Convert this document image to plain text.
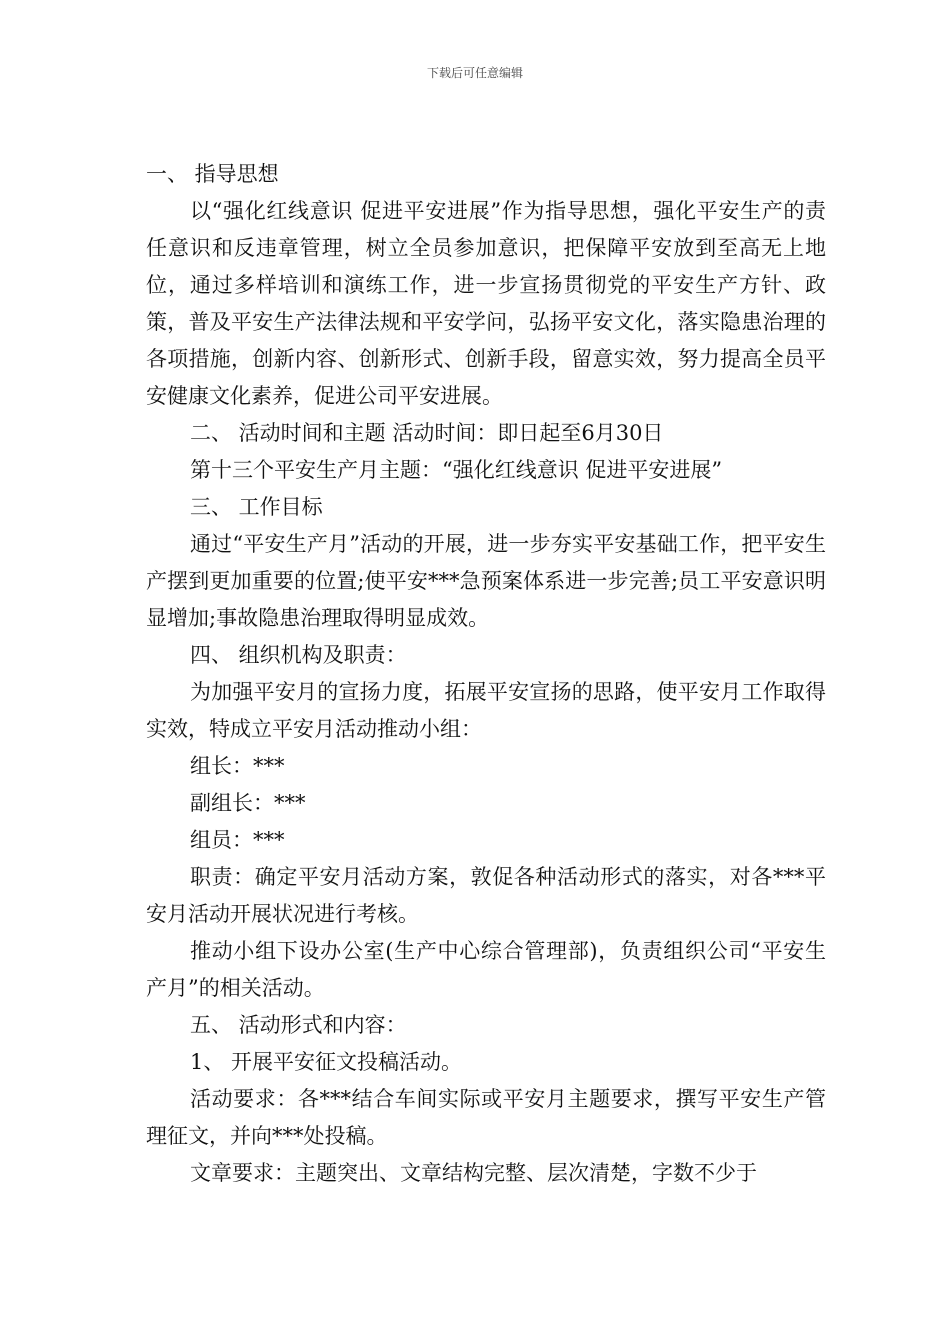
下载后可任意编辑

一、 指导思想

以“强化红线意识 促进平安进展”作为指导思想，强化平安生产的责任意识和反违章管理，树立全员参加意识，把保障平安放到至高无上地位，通过多样培训和演练工作，进一步宣扬贯彻党的平安生产方针、政策，普及平安生产法律法规和平安学问，弘扬平安文化，落实隐患治理的各项措施，创新内容、创新形式、创新手段，留意实效，努力提高全员平安健康文化素养，促进公司平安进展。

二、 活动时间和主题 活动时间：即日起至6月30日

第十三个平安生产月主题：“强化红线意识 促进平安进展”

三、 工作目标

通过“平安生产月”活动的开展，进一步夯实平安基础工作，把平安生产摆到更加重要的位置;使平安***急预案体系进一步完善;员工平安意识明显增加;事故隐患治理取得明显成效。

四、 组织机构及职责：

为加强平安月的宣扬力度，拓展平安宣扬的思路，使平安月工作取得实效，特成立平安月活动推动小组：

组长：***

副组长：***

组员：***

职责：确定平安月活动方案，敦促各种活动形式的落实，对各***平安月活动开展状况进行考核。

推动小组下设办公室(生产中心综合管理部)，负责组织公司“平安生产月”的相关活动。

五、 活动形式和内容：

1、 开展平安征文投稿活动。

活动要求：各***结合车间实际或平安月主题要求，撰写平安生产管理征文，并向***处投稿。

文章要求：主题突出、文章结构完整、层次清楚，字数不少于
